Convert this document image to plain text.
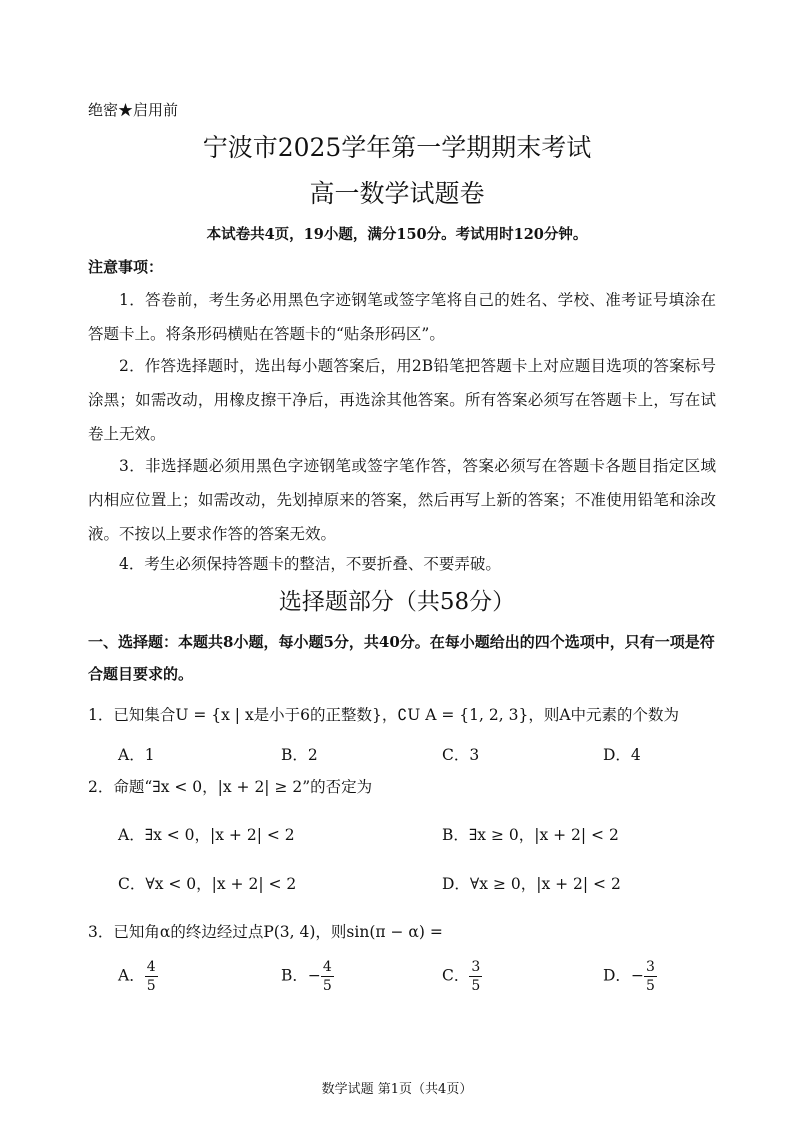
绝密★启用前
宁波市2025学年第一学期期末考试
高一数学试题卷
本试卷共4页，19小题，满分150分。考试用时120分钟。
注意事项：
1．答卷前，考生务必用黑色字迹钢笔或签字笔将自己的姓名、学校、准考证号填涂在答题卡上。将条形码横贴在答题卡的“贴条形码区”。
2．作答选择题时，选出每小题答案后，用2B铅笔把答题卡上对应题目选项的答案标号涂黑；如需改动，用橡皮擦干净后，再选涂其他答案。所有答案必须写在答题卡上，写在试卷上无效。
3．非选择题必须用黑色字迹钢笔或签字笔作答，答案必须写在答题卡各题目指定区域内相应位置上；如需改动，先划掉原来的答案，然后再写上新的答案；不准使用铅笔和涂改液。不按以上要求作答的答案无效。
4．考生必须保持答题卡的整洁，不要折叠、不要弄破。
选择题部分（共58分）
一、选择题：本题共8小题，每小题5分，共40分。在每小题给出的四个选项中，只有一项是符合题目要求的。
1．已知集合U = {x | x是小于6的正整数}，∁U A = {1, 2, 3}，则A中元素的个数为
A．1	B．2	C．3	D．4
2．命题“∃x < 0，|x + 2| ≥ 2”的否定为
A．∃x < 0，|x + 2| < 2	B．∃x ≥ 0，|x + 2| < 2
C．∀x < 0，|x + 2| < 2	D．∀x ≥ 0，|x + 2| < 2
3．已知角α的终边经过点P(3, 4)，则sin(π − α) =
A． $\frac{4}{5}$	B．− $\frac{4}{5}$	C． $\frac{3}{5}$	D．− $\frac{3}{5}$
数学试题 第1页（共4页）
